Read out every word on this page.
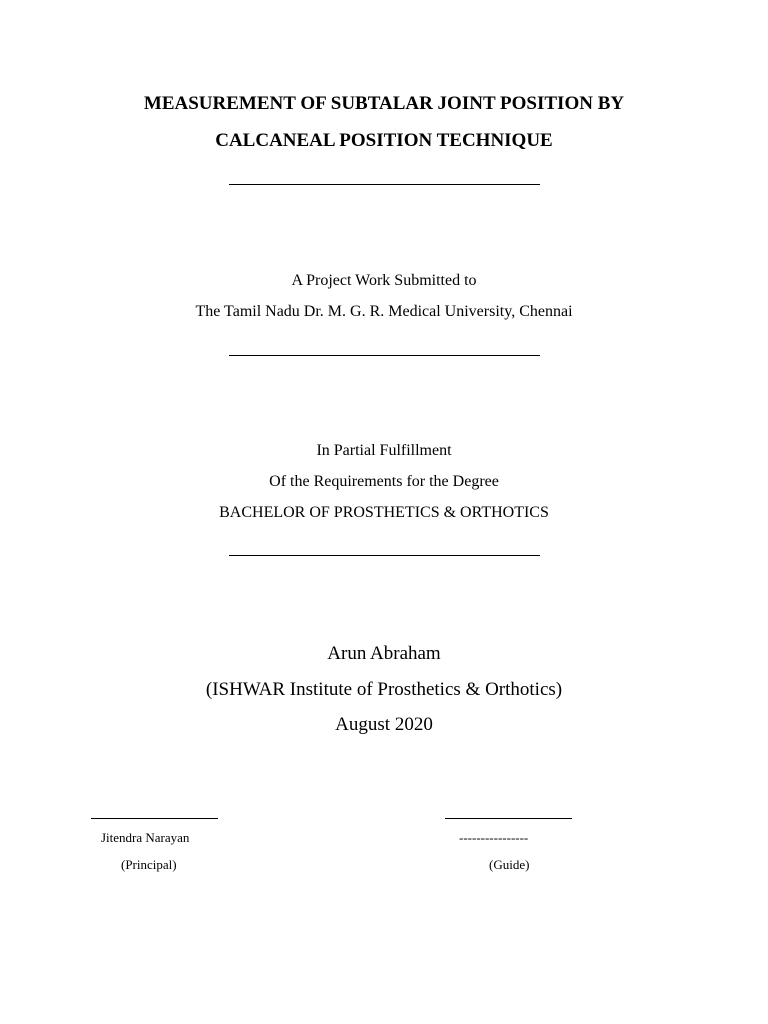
MEASUREMENT OF SUBTALAR JOINT POSITION BY
CALCANEAL POSITION TECHNIQUE
A Project Work Submitted to
The Tamil Nadu Dr. M. G. R. Medical University, Chennai
In Partial Fulfillment
Of the Requirements for the Degree
BACHELOR OF PROSTHETICS & ORTHOTICS
Arun Abraham
(ISHWAR Institute of Prosthetics & Orthotics)
August 2020
Jitendra Narayan	----------------
(Principal)	(Guide)
